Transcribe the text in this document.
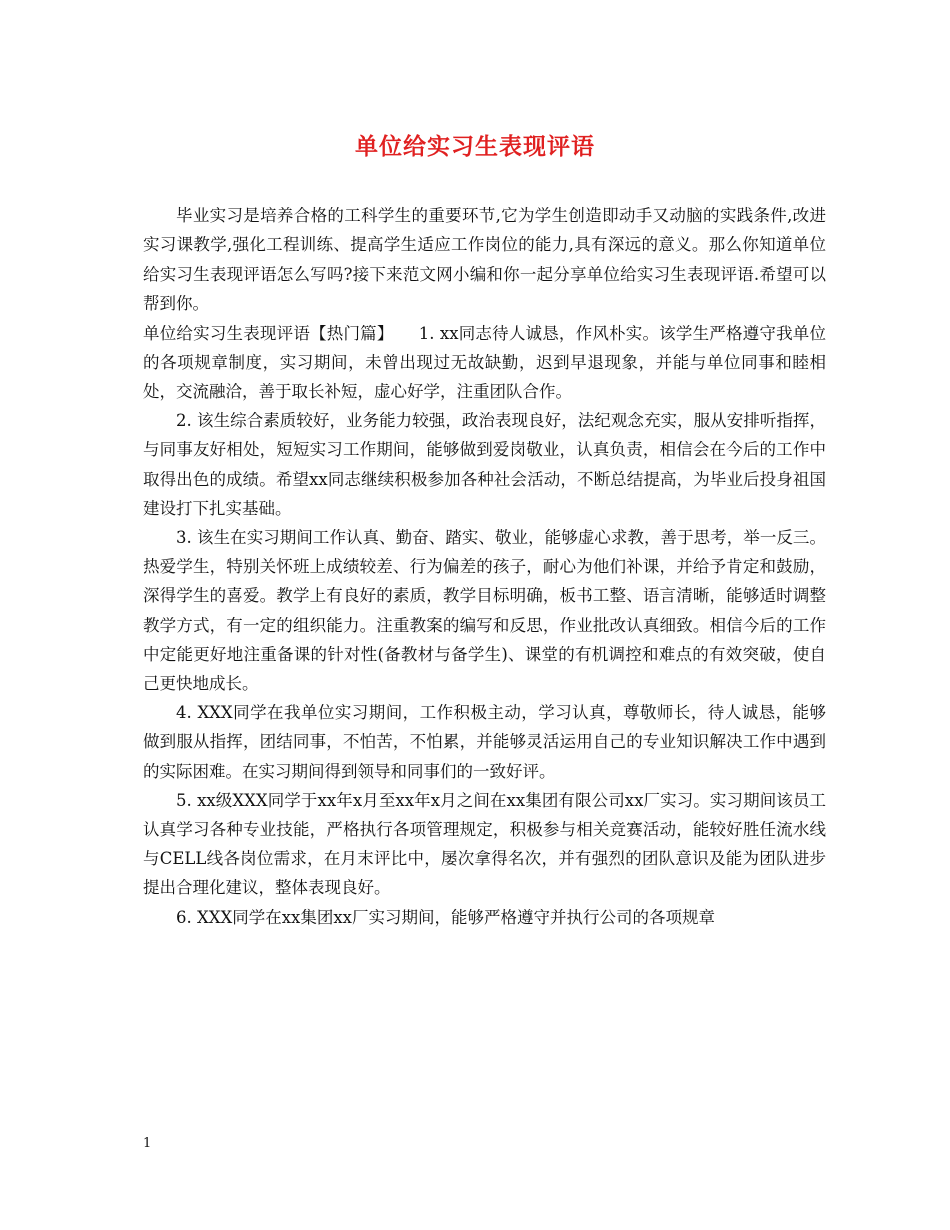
单位给实习生表现评语

毕业实习是培养合格的工科学生的重要环节,它为学生创造即动手又动脑的实践条件,改进实习课教学,强化工程训练、提高学生适应工作岗位的能力,具有深远的意义。那么你知道单位给实习生表现评语怎么写吗?接下来范文网小编和你一起分享单位给实习生表现评语.希望可以帮到你。

单位给实习生表现评语【热门篇】　　1. xx同志待人诚恳，作风朴实。该学生严格遵守我单位的各项规章制度，实习期间，未曾出现过无故缺勤，迟到早退现象，并能与单位同事和睦相处，交流融洽，善于取长补短，虚心好学，注重团队合作。

2. 该生综合素质较好，业务能力较强，政治表现良好，法纪观念充实，服从安排听指挥，与同事友好相处，短短实习工作期间，能够做到爱岗敬业，认真负责，相信会在今后的工作中取得出色的成绩。希望xx同志继续积极参加各种社会活动，不断总结提高，为毕业后投身祖国建设打下扎实基础。

3. 该生在实习期间工作认真、勤奋、踏实、敬业，能够虚心求教，善于思考，举一反三。热爱学生，特别关怀班上成绩较差、行为偏差的孩子，耐心为他们补课，并给予肯定和鼓励，深得学生的喜爱。教学上有良好的素质，教学目标明确，板书工整、语言清晰，能够适时调整教学方式，有一定的组织能力。注重教案的编写和反思，作业批改认真细致。相信今后的工作中定能更好地注重备课的针对性(备教材与备学生)、课堂的有机调控和难点的有效突破，使自己更快地成长。

4. XXX同学在我单位实习期间，工作积极主动，学习认真，尊敬师长，待人诚恳，能够做到服从指挥，团结同事，不怕苦，不怕累，并能够灵活运用自己的专业知识解决工作中遇到的实际困难。在实习期间得到领导和同事们的一致好评。

5. xx级XXX同学于xx年x月至xx年x月之间在xx集团有限公司xx厂实习。实习期间该员工认真学习各种专业技能，严格执行各项管理规定，积极参与相关竞赛活动，能较好胜任流水线与CELL线各岗位需求，在月末评比中，屡次拿得名次，并有强烈的团队意识及能为团队进步提出合理化建议，整体表现良好。

6. XXX同学在xx集团xx厂实习期间，能够严格遵守并执行公司的各项规章

1
